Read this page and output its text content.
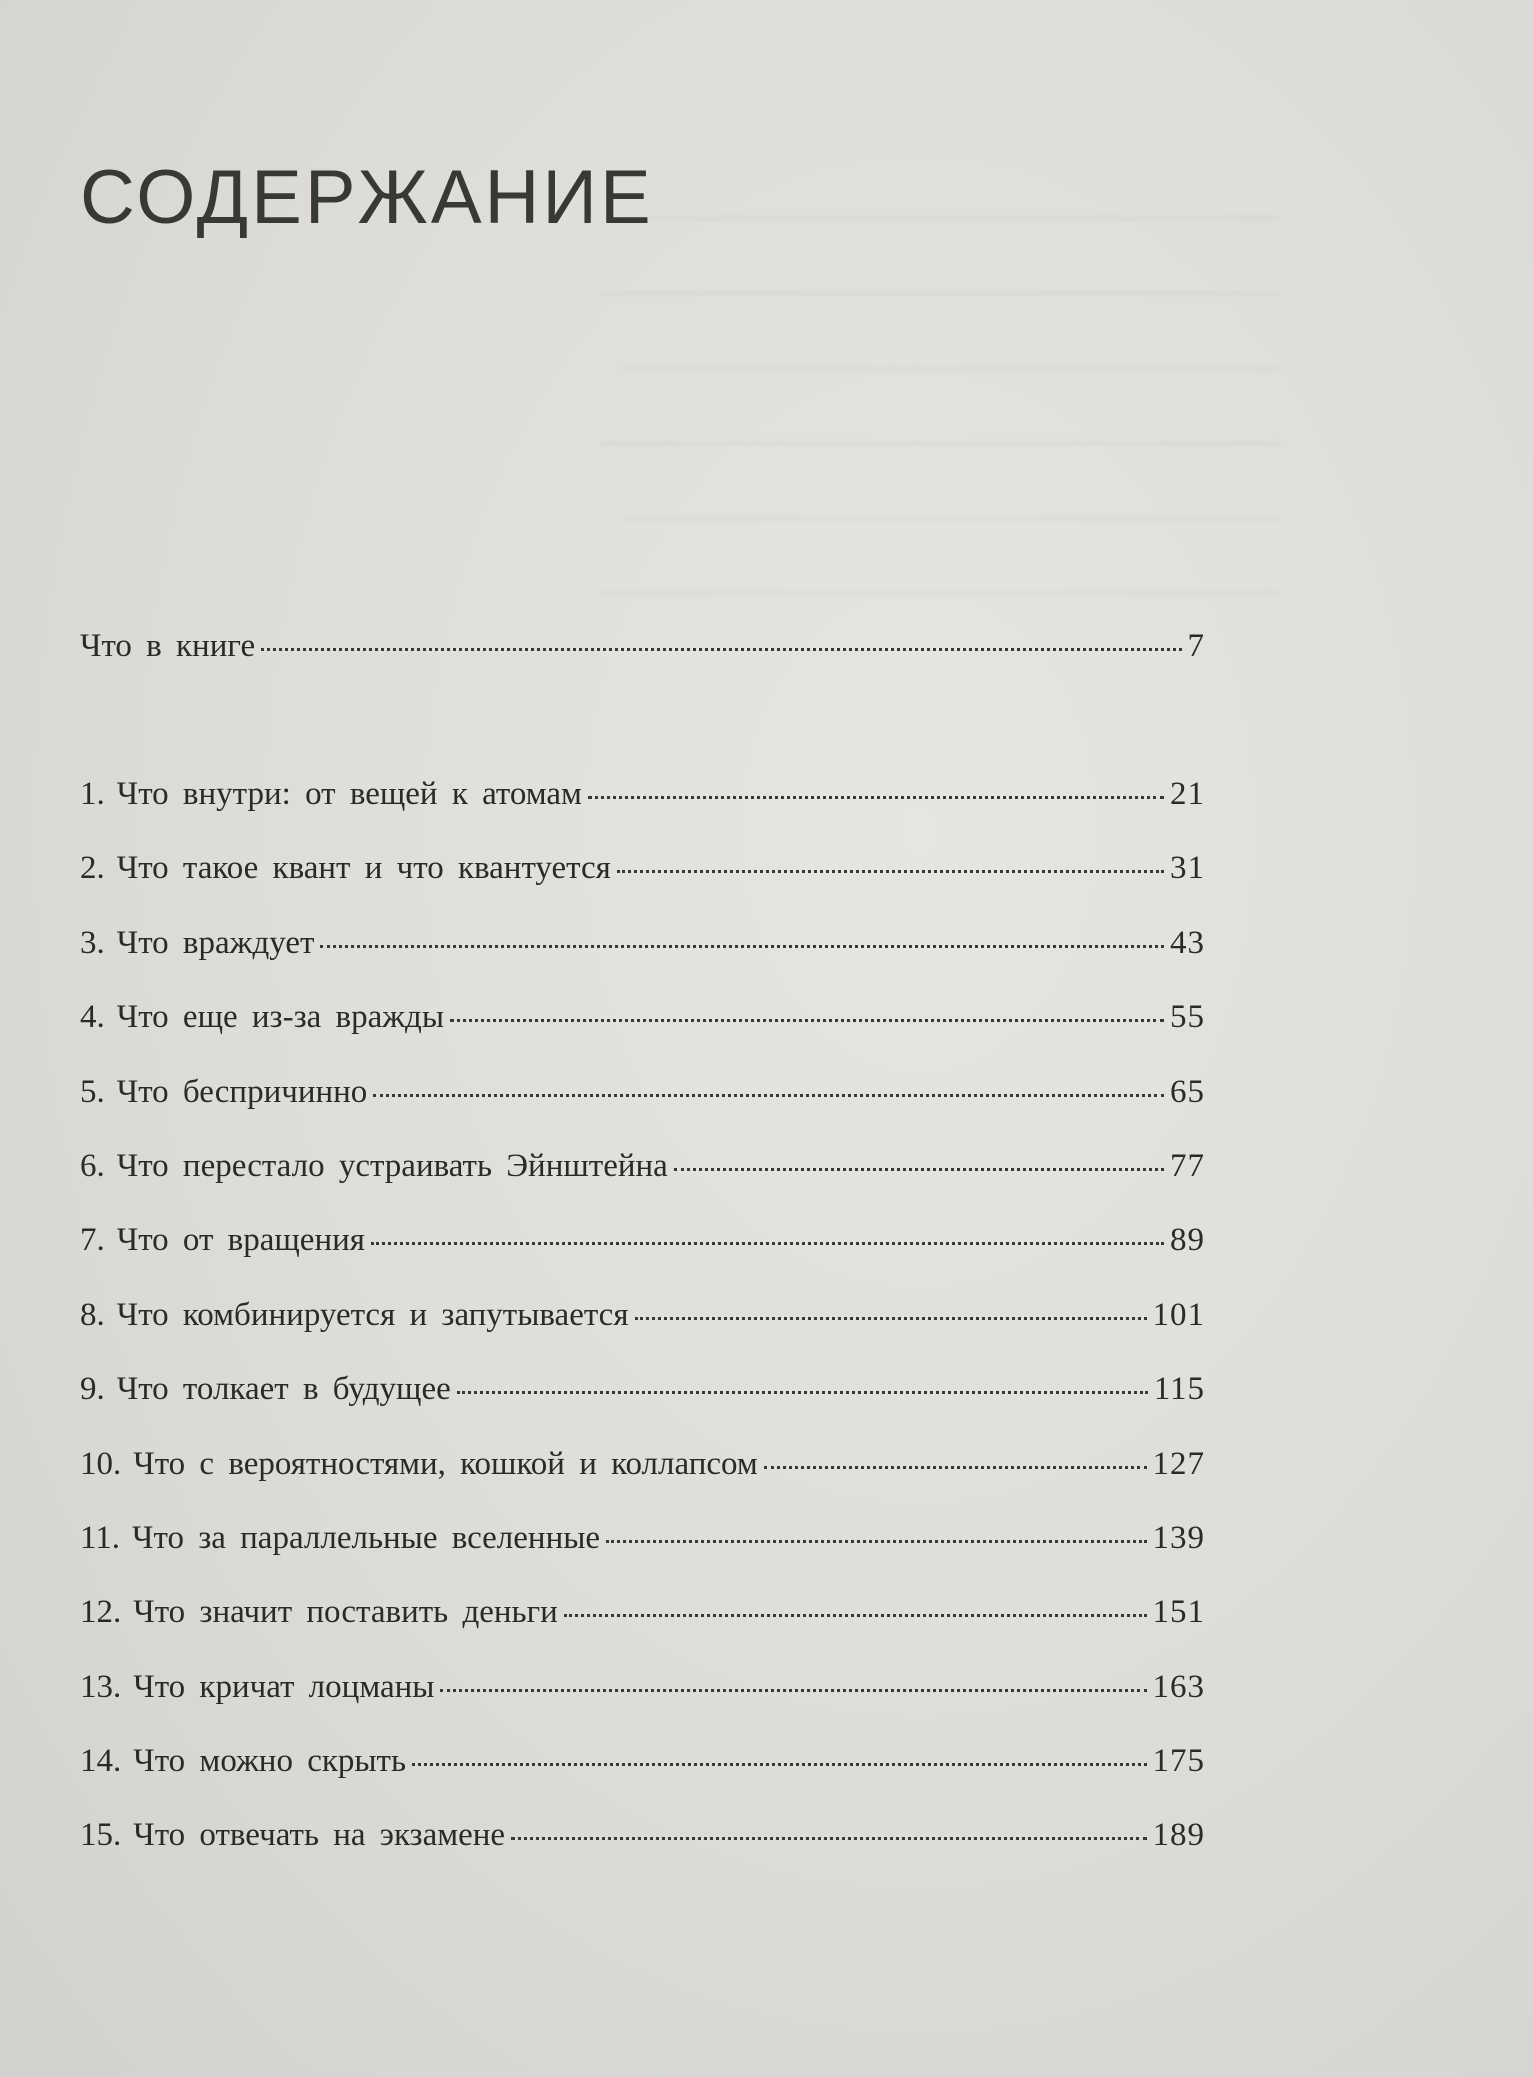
─────────────────────────────
──────────────────────────────
─────────────────────────────
──────────────────────────────
─────────────────────────────
──────────────────────────────
СОДЕРЖАНИЕ
Что в книге	7
1. Что внутри: от вещей к атомам	21
2. Что такое квант и что квантуется	31
3. Что враждует	43
4. Что еще из-за вражды	55
5. Что беспричинно	65
6. Что перестало устраивать Эйнштейна	77
7. Что от вращения	89
8. Что комбинируется и запутывается	101
9. Что толкает в будущее	115
10. Что с вероятностями, кошкой и коллапсом	127
11. Что за параллельные вселенные	139
12. Что значит поставить деньги	151
13. Что кричат лоцманы	163
14. Что можно скрыть	175
15. Что отвечать на экзамене	189
